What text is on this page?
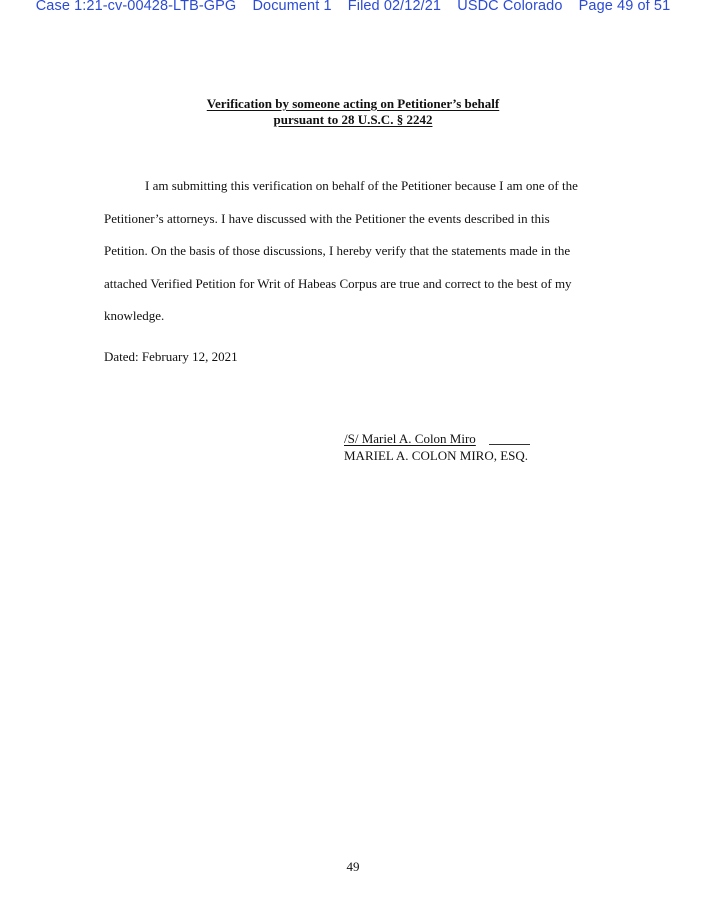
Case 1:21-cv-00428-LTB-GPG Document 1 Filed 02/12/21 USDC Colorado Page 49 of 51
Verification by someone acting on Petitioner’s behalf
pursuant to 28 U.S.C. § 2242
I am submitting this verification on behalf of the Petitioner because I am one of the
Petitioner’s attorneys. I have discussed with the Petitioner the events described in this
Petition. On the basis of those discussions, I hereby verify that the statements made in the
attached Verified Petition for Writ of Habeas Corpus are true and correct to the best of my
knowledge.
Dated: February 12, 2021
/S/ Mariel A. Colon Miro
MARIEL A. COLON MIRO, ESQ.
49
